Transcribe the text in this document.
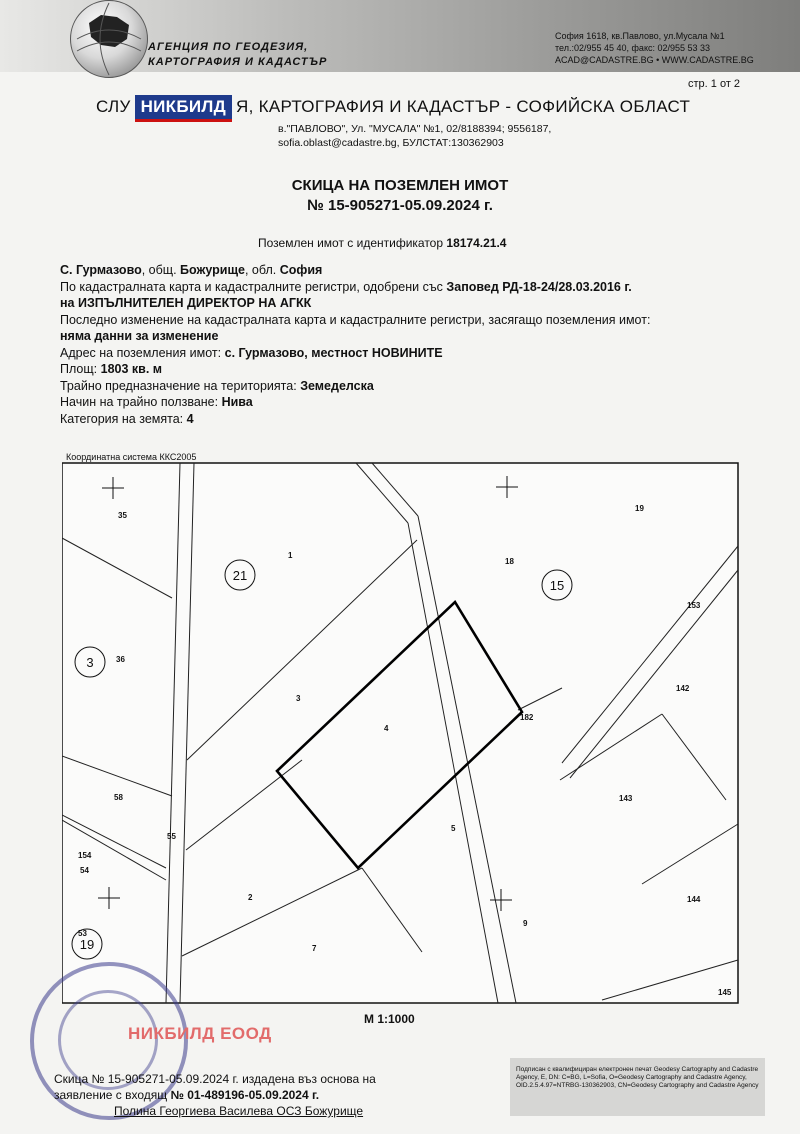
АГЕНЦИЯ ПО ГЕОДЕЗИЯ,
КАРТОГРАФИЯ И КАДАСТЪР
София 1618, кв.Павлово, ул.Мусала №1
тел.:02/955 45 40, факс: 02/955 53 33
ACAD@CADASTRE.BG • WWW.CADASTRE.BG
стр. 1 от 2
СЛУ НИКБИЛД Я, КАРТОГРАФИЯ И КАДАСТЪР - СОФИЙСКА ОБЛАСТ
в."ПАВЛОВО", Ул. "МУСАЛА" №1, 02/8188394; 9556187,
sofia.oblast@cadastre.bg, БУЛСТАТ:130362903
СКИЦА НА ПОЗЕМЛЕН ИМОТ
№ 15-905271-05.09.2024 г.
Поземлен имот с идентификатор 18174.21.4
С. Гурмазово, общ. Божурище, обл. София
По кадастралната карта и кадастралните регистри, одобрени със Заповед РД-18-24/28.03.2016 г.
на ИЗПЪЛНИТЕЛЕН ДИРЕКТОР НА АГКК
Последно изменение на кадастралната карта и кадастралните регистри, засягащо поземления имот:
няма данни за изменение
Адрес на поземления имот: с. Гурмазово, местност НОВИНИТЕ
Площ: 1803 кв. м
Трайно предназначение на територията: Земеделска
Начин на трайно ползване: Нива
Категория на земята: 4
Координатна система ККС2005
21
3
15
19
35
1
18
19
153
36
142
3
4
182
58	143
5
55
154
54
144
2
53
7
9
145
М 1:1000
НИКБИЛД ЕООД
Скица № 15-905271-05.09.2024 г. издадена въз основа на
заявление с входящ № 01-489196-05.09.2024 г.
Полина Георгиева Василева ОСЗ Божурище
Подписан с квалифициран електронен печат Geodesy Cartography and Cadastre Agency, E, DN: C=BG, L=Sofia, O=Geodesy Cartography and Cadastre Agency, OID.2.5.4.97=NTRBG-130362903, CN=Geodesy Cartography and Cadastre Agency
